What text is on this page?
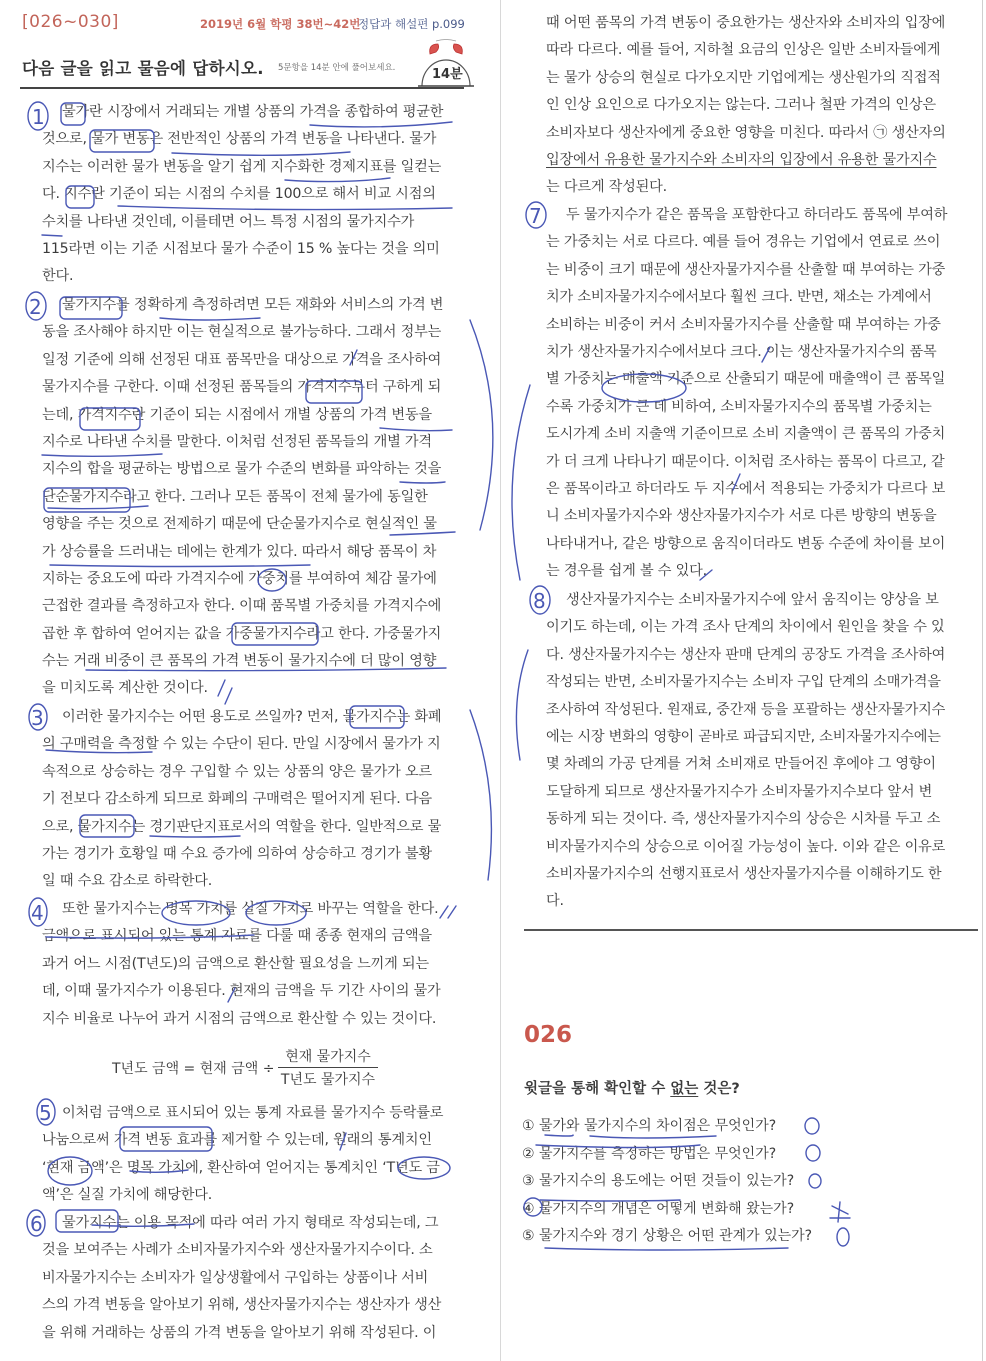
[026~030]	2019년 6월 학평 38번~42번
정답과 해설편 p.099
다음 글을 읽고 물음에 답하시오. 5문항을 14분 안에 풀어보세요.	14분
물가란 시장에서 거래되는 개별 상품의 가격을 종합하여 평균한
것으로, 물가 변동은 전반적인 상품의 가격 변동을 나타낸다. 물가
지수는 이러한 물가 변동을 알기 쉽게 지수화한 경제지표를 일컫는
다. 지수란 기준이 되는 시점의 수치를 100으로 해서 비교 시점의
수치를 나타낸 것인데, 이를테면 어느 특정 시점의 물가지수가
115라면 이는 기준 시점보다 물가 수준이 15 % 높다는 것을 의미
한다.
물가지수를 정확하게 측정하려면 모든 재화와 서비스의 가격 변
동을 조사해야 하지만 이는 현실적으로 불가능하다. 그래서 정부는
일정 기준에 의해 선정된 대표 품목만을 대상으로 가격을 조사하여
물가지수를 구한다. 이때 선정된 품목들의 가격지수부터 구하게 되
는데, 가격지수란 기준이 되는 시점에서 개별 상품의 가격 변동을
지수로 나타낸 수치를 말한다. 이처럼 선정된 품목들의 개별 가격
지수의 합을 평균하는 방법으로 물가 수준의 변화를 파악하는 것을
단순물가지수라고 한다. 그러나 모든 품목이 전체 물가에 동일한
영향을 주는 것으로 전제하기 때문에 단순물가지수로 현실적인 물
가 상승률을 드러내는 데에는 한계가 있다. 따라서 해당 품목이 차
지하는 중요도에 따라 가격지수에 가중치를 부여하여 체감 물가에
근접한 결과를 측정하고자 한다. 이때 품목별 가중치를 가격지수에
곱한 후 합하여 얻어지는 값을 가중물가지수라고 한다. 가중물가지
수는 거래 비중이 큰 품목의 가격 변동이 물가지수에 더 많이 영향
을 미치도록 계산한 것이다.
이러한 물가지수는 어떤 용도로 쓰일까? 먼저, 물가지수는 화폐
의 구매력을 측정할 수 있는 수단이 된다. 만일 시장에서 물가가 지
속적으로 상승하는 경우 구입할 수 있는 상품의 양은 물가가 오르
기 전보다 감소하게 되므로 화폐의 구매력은 떨어지게 된다. 다음
으로, 물가지수는 경기판단지표로서의 역할을 한다. 일반적으로 물
가는 경기가 호황일 때 수요 증가에 의하여 상승하고 경기가 불황
일 때 수요 감소로 하락한다.
또한 물가지수는 명목 가치를 실질 가치로 바꾸는 역할을 한다.
금액으로 표시되어 있는 통계 자료를 다룰 때 종종 현재의 금액을
과거 어느 시점(T년도)의 금액으로 환산할 필요성을 느끼게 되는
데, 이때 물가지수가 이용된다. 현재의 금액을 두 기간 사이의 물가
지수 비율로 나누어 과거 시점의 금액으로 환산할 수 있는 것이다.
T년도 금액 = 현재 금액 ÷
현재 물가지수
T년도 물가지수
이처럼 금액으로 표시되어 있는 통계 자료를 물가지수 등락률로
나눔으로써 가격 변동 효과를 제거할 수 있는데, 원래의 통계치인
‘현재 금액’은 명목 가치에, 환산하여 얻어지는 통계치인 ‘T년도 금
액’은 실질 가치에 해당한다.
물가지수는 이용 목적에 따라 여러 가지 형태로 작성되는데, 그
것을 보여주는 사례가 소비자물가지수와 생산자물가지수이다. 소
비자물가지수는 소비자가 일상생활에서 구입하는 상품이나 서비
스의 가격 변동을 알아보기 위해, 생산자물가지수는 생산자가 생산
을 위해 거래하는 상품의 가격 변동을 알아보기 위해 작성된다. 이
때 어떤 품목의 가격 변동이 중요한가는 생산자와 소비자의 입장에
따라 다르다. 예를 들어, 지하철 요금의 인상은 일반 소비자들에게
는 물가 상승의 현실로 다가오지만 기업에게는 생산원가의 직접적
인 인상 요인으로 다가오지는 않는다. 그러나 철판 가격의 인상은
소비자보다 생산자에게 중요한 영향을 미친다. 따라서 ㉠ 생산자의
입장에서 유용한 물가지수와 소비자의 입장에서 유용한 물가지수
는 다르게 작성된다.
두 물가지수가 같은 품목을 포함한다고 하더라도 품목에 부여하
는 가중치는 서로 다르다. 예를 들어 경유는 기업에서 연료로 쓰이
는 비중이 크기 때문에 생산자물가지수를 산출할 때 부여하는 가중
치가 소비자물가지수에서보다 훨씬 크다. 반면, 채소는 가계에서
소비하는 비중이 커서 소비자물가지수를 산출할 때 부여하는 가중
치가 생산자물가지수에서보다 크다. 이는 생산자물가지수의 품목
별 가중치는 매출액 기준으로 산출되기 때문에 매출액이 큰 품목일
수록 가중치가 큰 데 비하여, 소비자물가지수의 품목별 가중치는
도시가계 소비 지출액 기준이므로 소비 지출액이 큰 품목의 가중치
가 더 크게 나타나기 때문이다. 이처럼 조사하는 품목이 다르고, 같
은 품목이라고 하더라도 두 지수에서 적용되는 가중치가 다르다 보
니 소비자물가지수와 생산자물가지수가 서로 다른 방향의 변동을
나타내거나, 같은 방향으로 움직이더라도 변동 수준에 차이를 보이
는 경우를 쉽게 볼 수 있다.
생산자물가지수는 소비자물가지수에 앞서 움직이는 양상을 보
이기도 하는데, 이는 가격 조사 단계의 차이에서 원인을 찾을 수 있
다. 생산자물가지수는 생산자 판매 단계의 공장도 가격을 조사하여
작성되는 반면, 소비자물가지수는 소비자 구입 단계의 소매가격을
조사하여 작성된다. 원재료, 중간재 등을 포괄하는 생산자물가지수
에는 시장 변화의 영향이 곧바로 파급되지만, 소비자물가지수에는
몇 차례의 가공 단계를 거쳐 소비재로 만들어진 후에야 그 영향이
도달하게 되므로 생산자물가지수가 소비자물가지수보다 앞서 변
동하게 되는 것이다. 즉, 생산자물가지수의 상승은 시차를 두고 소
비자물가지수의 상승으로 이어질 가능성이 높다. 이와 같은 이유로
소비자물가지수의 선행지표로서 생산자물가지수를 이해하기도 한
다.
026
윗글을 통해 확인할 수 없는 것은?
① 물가와 물가지수의 차이점은 무엇인가?
② 물가지수를 측정하는 방법은 무엇인가?
③ 물가지수의 용도에는 어떤 것들이 있는가?
④ 물가지수의 개념은 어떻게 변화해 왔는가?
⑤ 물가지수와 경기 상황은 어떤 관계가 있는가?
1
2
3
4
5
6
7
8
